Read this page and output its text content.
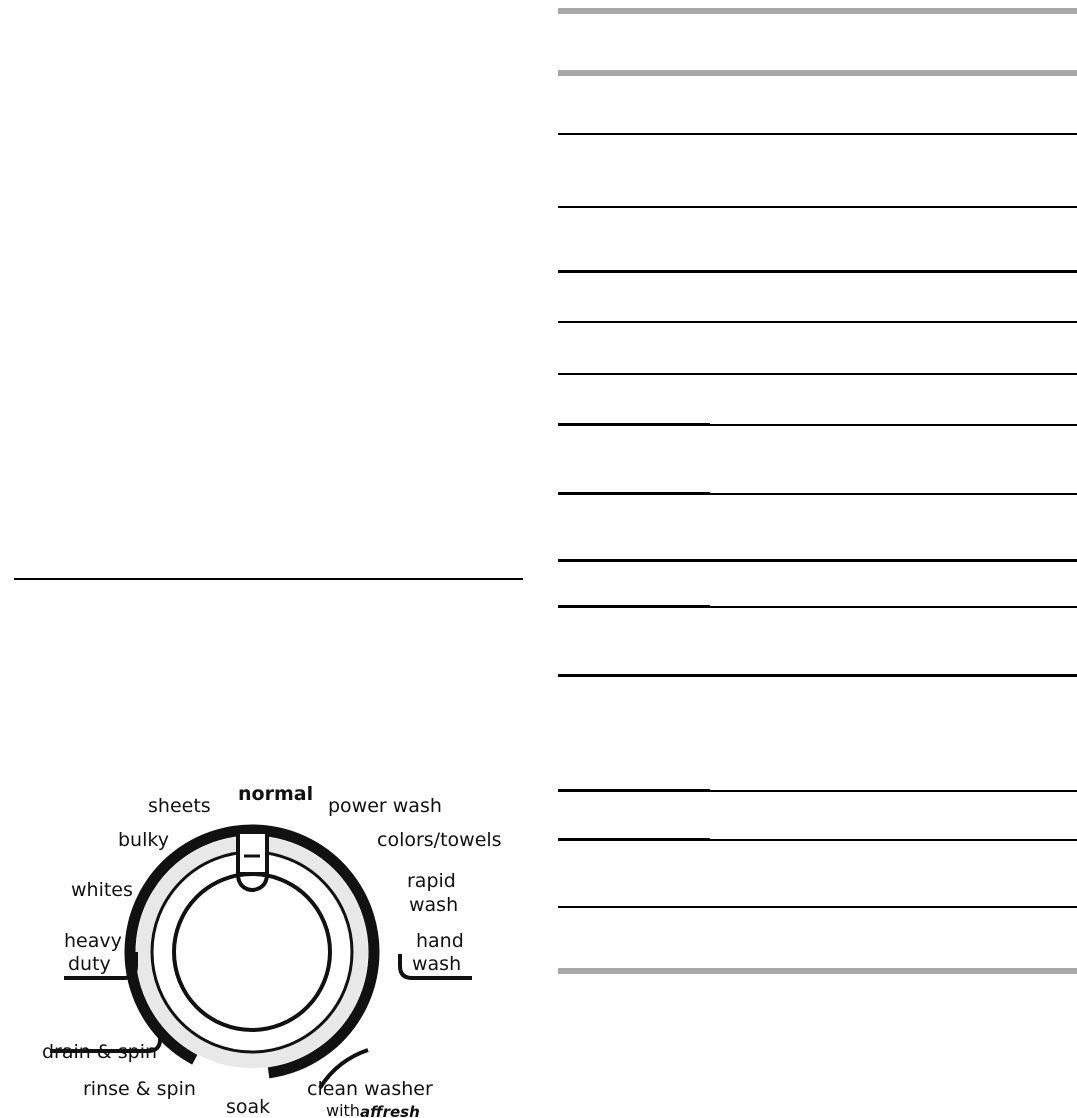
normal
power wash
colors/towels
sheets
bulky
whites	rapid
wash
heavy
duty
hand
wash
drain & spin
rinse & spin
soak
clean washer
with affresh
